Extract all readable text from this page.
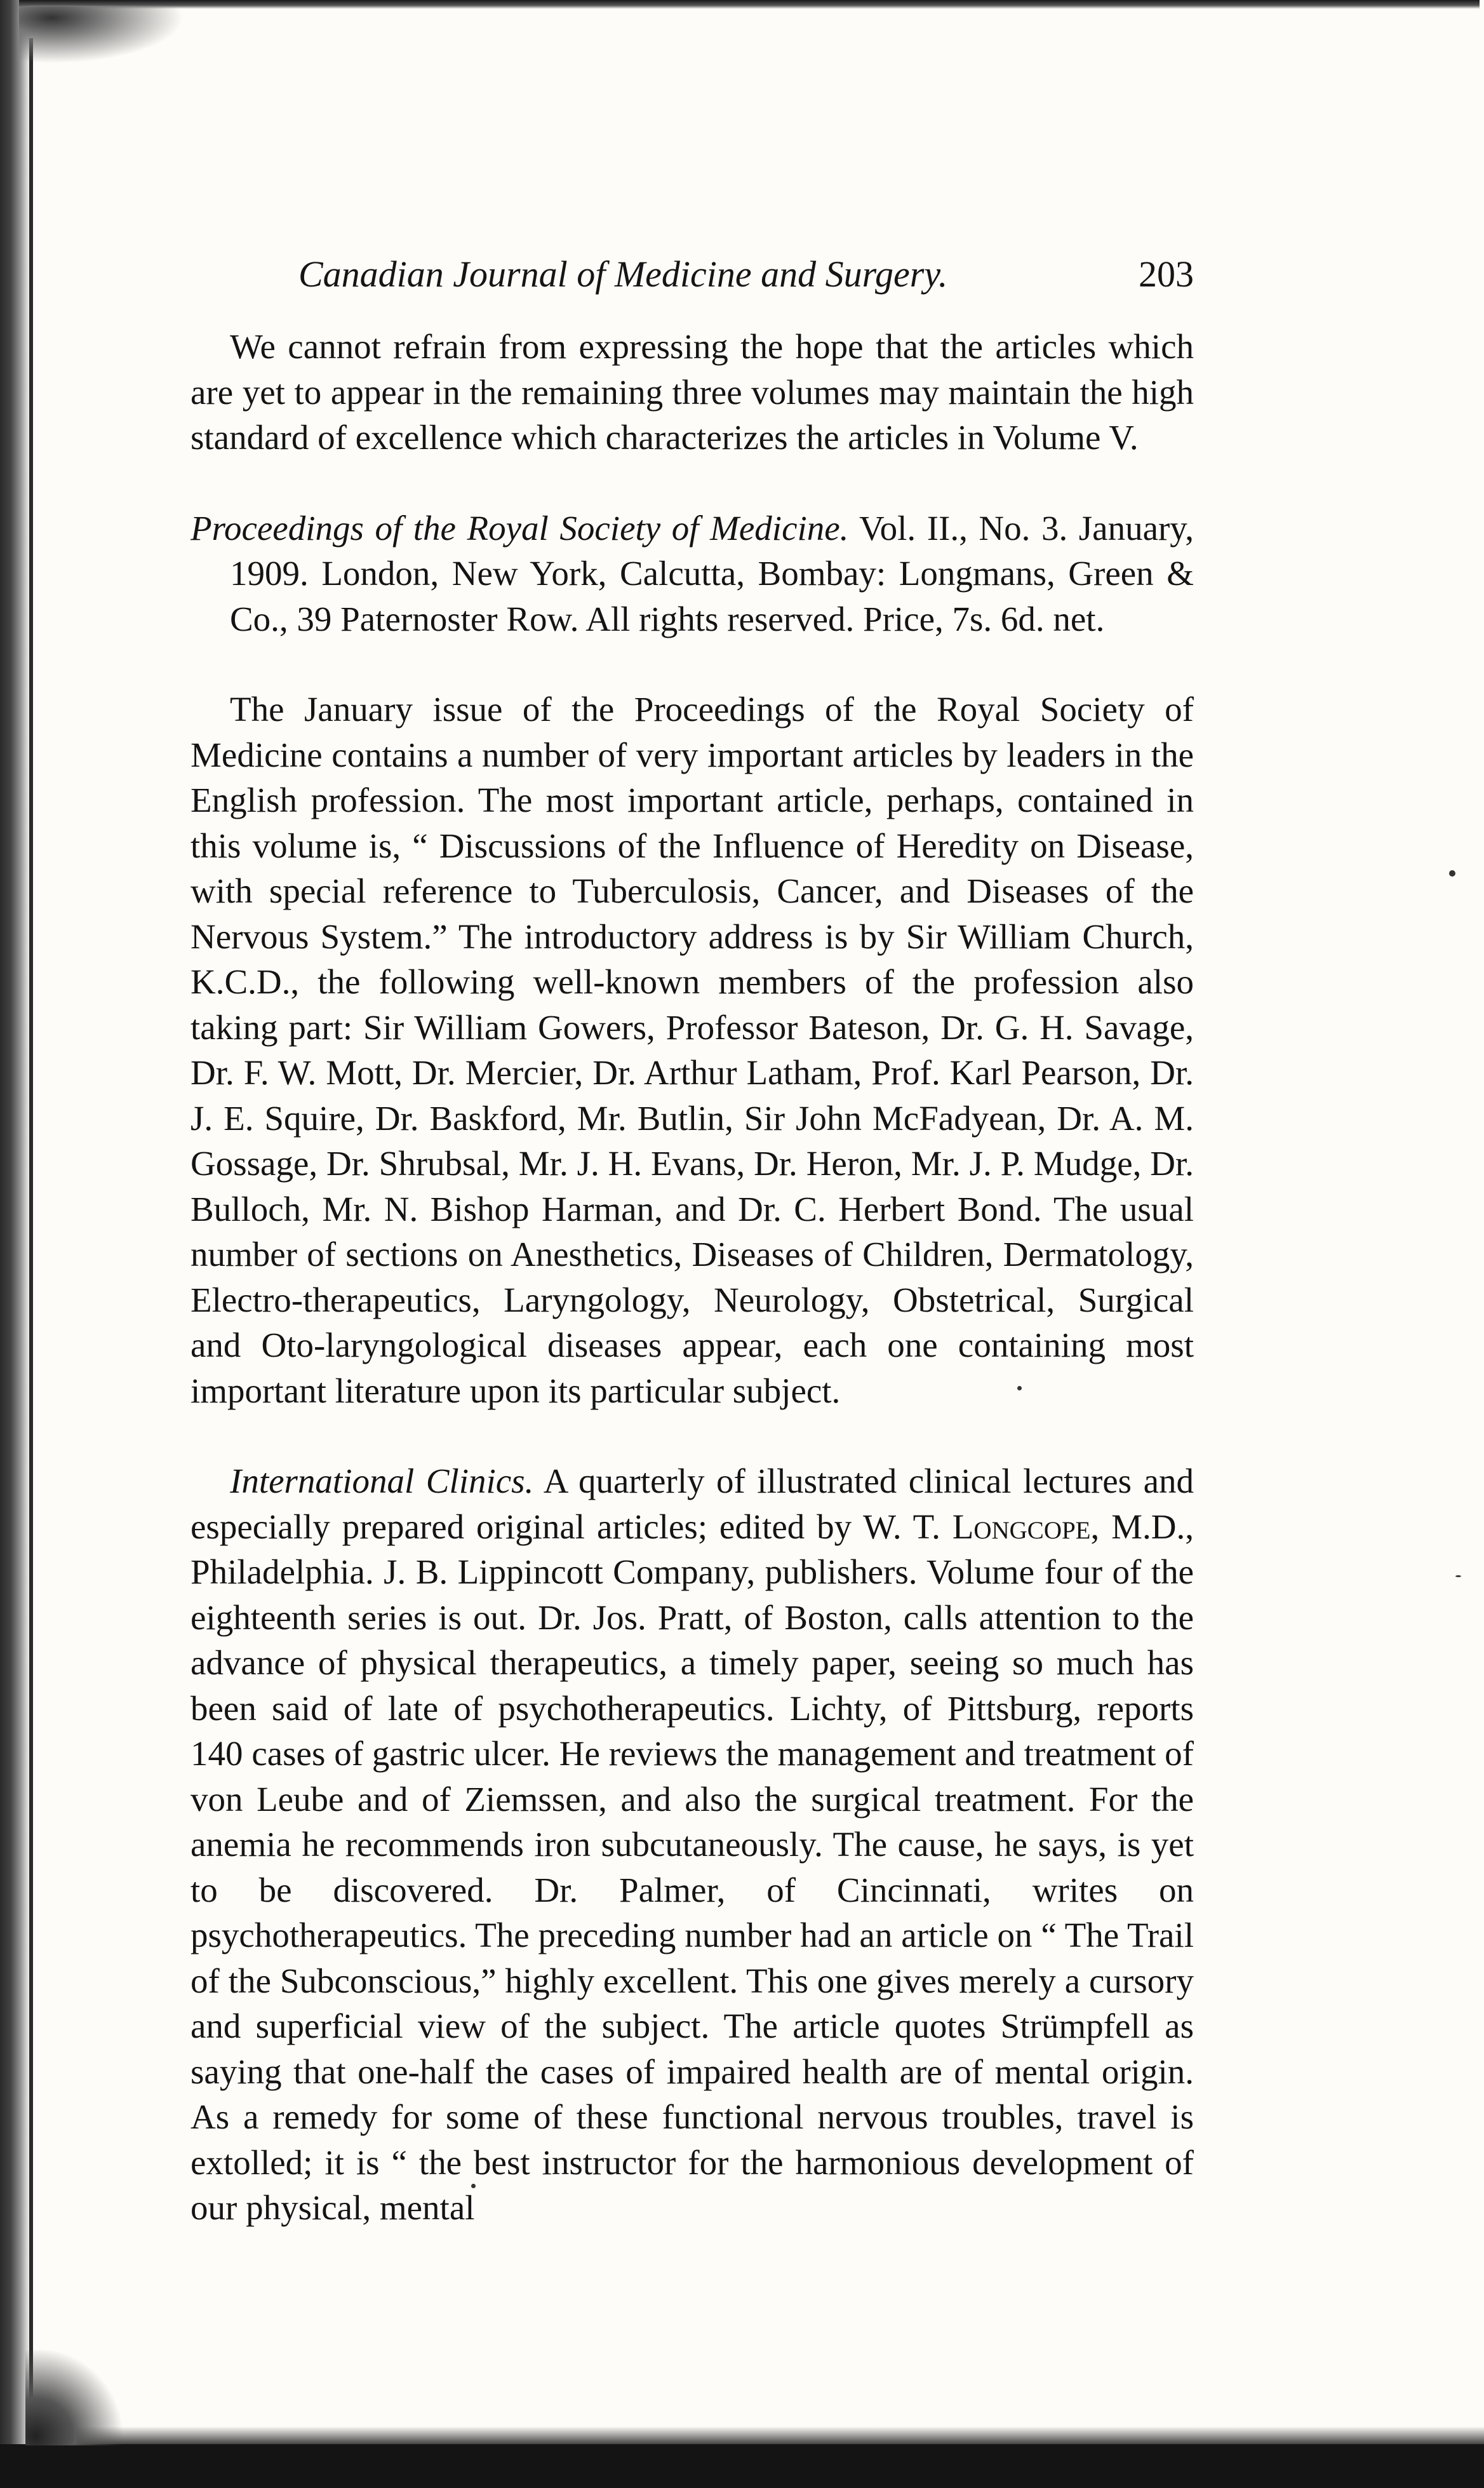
Canadian Journal of Medicine and Surgery.	203

We cannot refrain from expressing the hope that the articles which are yet to appear in the remaining three volumes may maintain the high standard of excellence which characterizes the articles in Volume V.

Proceedings of the Royal Society of Medicine. Vol. II., No. 3. January, 1909. London, New York, Calcutta, Bombay: Longmans, Green & Co., 39 Paternoster Row. All rights reserved. Price, 7s. 6d. net.

The January issue of the Proceedings of the Royal Society of Medicine contains a number of very important articles by leaders in the English profession. The most important article, perhaps, contained in this volume is, “ Discussions of the Influence of Heredity on Disease, with special reference to Tuberculosis, Cancer, and Diseases of the Nervous System.” The introductory address is by Sir William Church, K.C.D., the following well-known members of the profession also taking part: Sir William Gowers, Professor Bateson, Dr. G. H. Savage, Dr. F. W. Mott, Dr. Mercier, Dr. Arthur Latham, Prof. Karl Pearson, Dr. J. E. Squire, Dr. Baskford, Mr. Butlin, Sir John McFadyean, Dr. A. M. Gossage, Dr. Shrubsal, Mr. J. H. Evans, Dr. Heron, Mr. J. P. Mudge, Dr. Bulloch, Mr. N. Bishop Harman, and Dr. C. Herbert Bond. The usual number of sections on Anesthetics, Diseases of Children, Dermatology, Electro-therapeutics, Laryngology, Neurology, Obstetrical, Surgical and Oto-laryngological diseases appear, each one containing most important literature upon its particular subject.

International Clinics. A quarterly of illustrated clinical lectures and especially prepared original articles; edited by W. T. Longcope, M.D., Philadelphia. J. B. Lippincott Company, publishers. Volume four of the eighteenth series is out. Dr. Jos. Pratt, of Boston, calls attention to the advance of physical therapeutics, a timely paper, seeing so much has been said of late of psychotherapeutics. Lichty, of Pittsburg, reports 140 cases of gastric ulcer. He reviews the management and treatment of von Leube and of Ziemssen, and also the surgical treatment. For the anemia he recommends iron subcutaneously. The cause, he says, is yet to be discovered. Dr. Palmer, of Cincinnati, writes on psychotherapeutics. The preceding number had an article on “ The Trail of the Subconscious,” highly excellent. This one gives merely a cursory and superficial view of the subject. The article quotes Strümpfell as saying that one-half the cases of impaired health are of mental origin. As a remedy for some of these functional nervous troubles, travel is extolled; it is “ the best instructor for the harmonious development of our physical, mental
